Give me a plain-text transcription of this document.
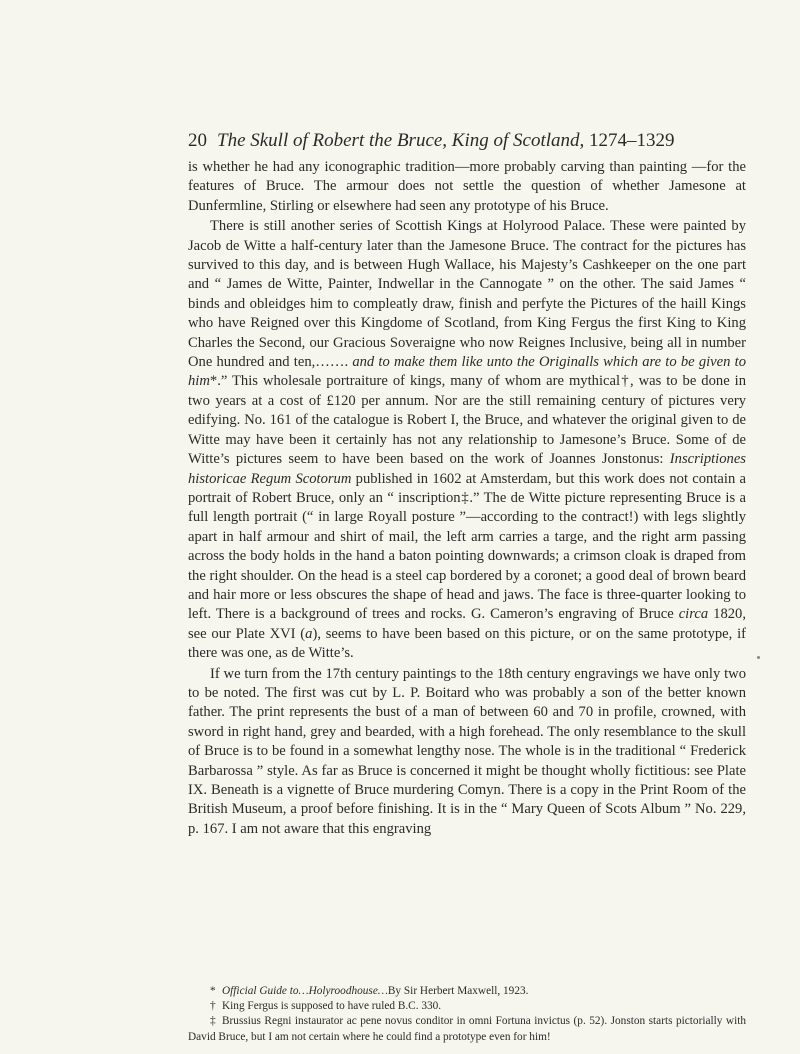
20 The Skull of Robert the Bruce, King of Scotland, 1274–1329

is whether he had any iconographic tradition—more probably carving than painting —for the features of Bruce. The armour does not settle the question of whether Jamesone at Dunfermline, Stirling or elsewhere had seen any prototype of his Bruce.

There is still another series of Scottish Kings at Holyrood Palace. These were painted by Jacob de Witte a half-century later than the Jamesone Bruce. The contract for the pictures has survived to this day, and is between Hugh Wallace, his Majesty’s Cashkeeper on the one part and “ James de Witte, Painter, Indwellar in the Cannogate ” on the other. The said James “ binds and obleidges him to compleatly draw, finish and perfyte the Pictures of the haill Kings who have Reigned over this Kingdome of Scotland, from King Fergus the first King to King Charles the Second, our Gracious Soveraigne who now Reignes Inclusive, being all in number One hundred and ten,……. and to make them like unto the Originalls which are to be given to him*.” This wholesale portraiture of kings, many of whom are mythical†, was to be done in two years at a cost of £120 per annum. Nor are the still remaining century of pictures very edifying. No. 161 of the catalogue is Robert I, the Bruce, and whatever the original given to de Witte may have been it certainly has not any relationship to Jamesone’s Bruce. Some of de Witte’s pictures seem to have been based on the work of Joannes Jonstonus: Inscriptiones historicae Regum Scotorum published in 1602 at Amsterdam, but this work does not contain a portrait of Robert Bruce, only an “ inscription‡.” The de Witte picture representing Bruce is a full length portrait (“ in large Royall posture ”—according to the contract!) with legs slightly apart in half armour and shirt of mail, the left arm carries a targe, and the right arm passing across the body holds in the hand a baton pointing downwards; a crimson cloak is draped from the right shoulder. On the head is a steel cap bordered by a coronet; a good deal of brown beard and hair more or less obscures the shape of head and jaws. The face is three-quarter looking to left. There is a background of trees and rocks. G. Cameron’s engraving of Bruce circa 1820, see our Plate XVI (a), seems to have been based on this picture, or on the same prototype, if there was one, as de Witte’s.

If we turn from the 17th century paintings to the 18th century engravings we have only two to be noted. The first was cut by L. P. Boitard who was probably a son of the better known father. The print represents the bust of a man of between 60 and 70 in profile, crowned, with sword in right hand, grey and bearded, with a high forehead. The only resemblance to the skull of Bruce is to be found in a somewhat lengthy nose. The whole is in the traditional “ Frederick Barbarossa ” style. As far as Bruce is concerned it might be thought wholly fictitious: see Plate IX. Beneath is a vignette of Bruce murdering Comyn. There is a copy in the Print Room of the British Museum, a proof before finishing. It is in the “ Mary Queen of Scots Album ” No. 229, p. 167. I am not aware that this engraving

* Official Guide to…Holyroodhouse…By Sir Herbert Maxwell, 1923.

† King Fergus is supposed to have ruled B.C. 330.

‡ Brussius Regni instaurator ac pene novus conditor in omni Fortuna invictus (p. 52). Jonston starts pictorially with David Bruce, but I am not certain where he could find a prototype even for him!
